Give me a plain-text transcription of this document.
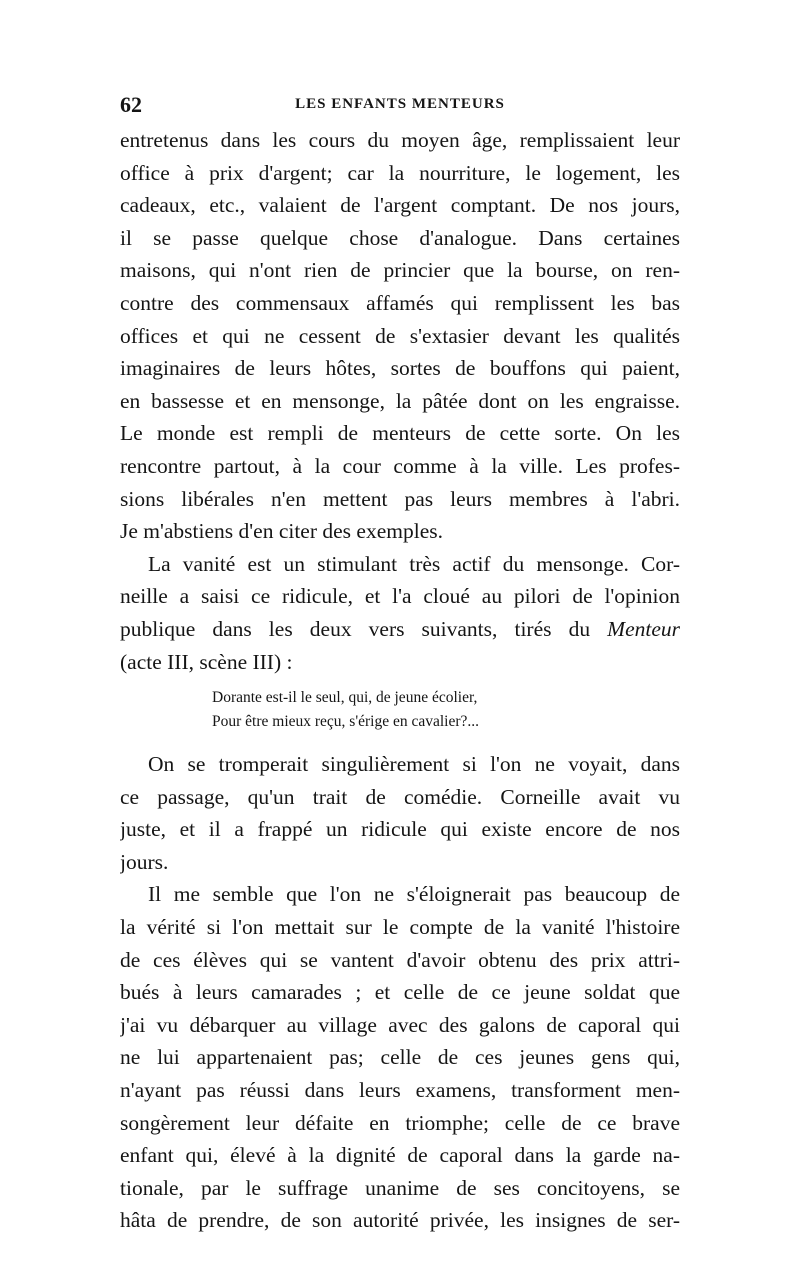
62	LES ENFANTS MENTEURS
entretenus dans les cours du moyen âge, remplissaient leur
office à prix d'argent; car la nourriture, le logement, les
cadeaux, etc., valaient de l'argent comptant. De nos jours,
il se passe quelque chose d'analogue. Dans certaines
maisons, qui n'ont rien de princier que la bourse, on ren-
contre des commensaux affamés qui remplissent les bas
offices et qui ne cessent de s'extasier devant les qualités
imaginaires de leurs hôtes, sortes de bouffons qui paient,
en bassesse et en mensonge, la pâtée dont on les engraisse.
Le monde est rempli de menteurs de cette sorte. On les
rencontre partout, à la cour comme à la ville. Les profes-
sions libérales n'en mettent pas leurs membres à l'abri.
Je m'abstiens d'en citer des exemples.
La vanité est un stimulant très actif du mensonge. Cor-
neille a saisi ce ridicule, et l'a cloué au pilori de l'opinion
publique dans les deux vers suivants, tirés du Menteur
(acte III, scène III) :
Dorante est-il le seul, qui, de jeune écolier,
Pour être mieux reçu, s'érige en cavalier?...
On se tromperait singulièrement si l'on ne voyait, dans
ce passage, qu'un trait de comédie. Corneille avait vu
juste, et il a frappé un ridicule qui existe encore de nos
jours.
Il me semble que l'on ne s'éloignerait pas beaucoup de
la vérité si l'on mettait sur le compte de la vanité l'histoire
de ces élèves qui se vantent d'avoir obtenu des prix attri-
bués à leurs camarades ; et celle de ce jeune soldat que
j'ai vu débarquer au village avec des galons de caporal qui
ne lui appartenaient pas; celle de ces jeunes gens qui,
n'ayant pas réussi dans leurs examens, transforment men-
songèrement leur défaite en triomphe; celle de ce brave
enfant qui, élevé à la dignité de caporal dans la garde na-
tionale, par le suffrage unanime de ses concitoyens, se
hâta de prendre, de son autorité privée, les insignes de ser-
